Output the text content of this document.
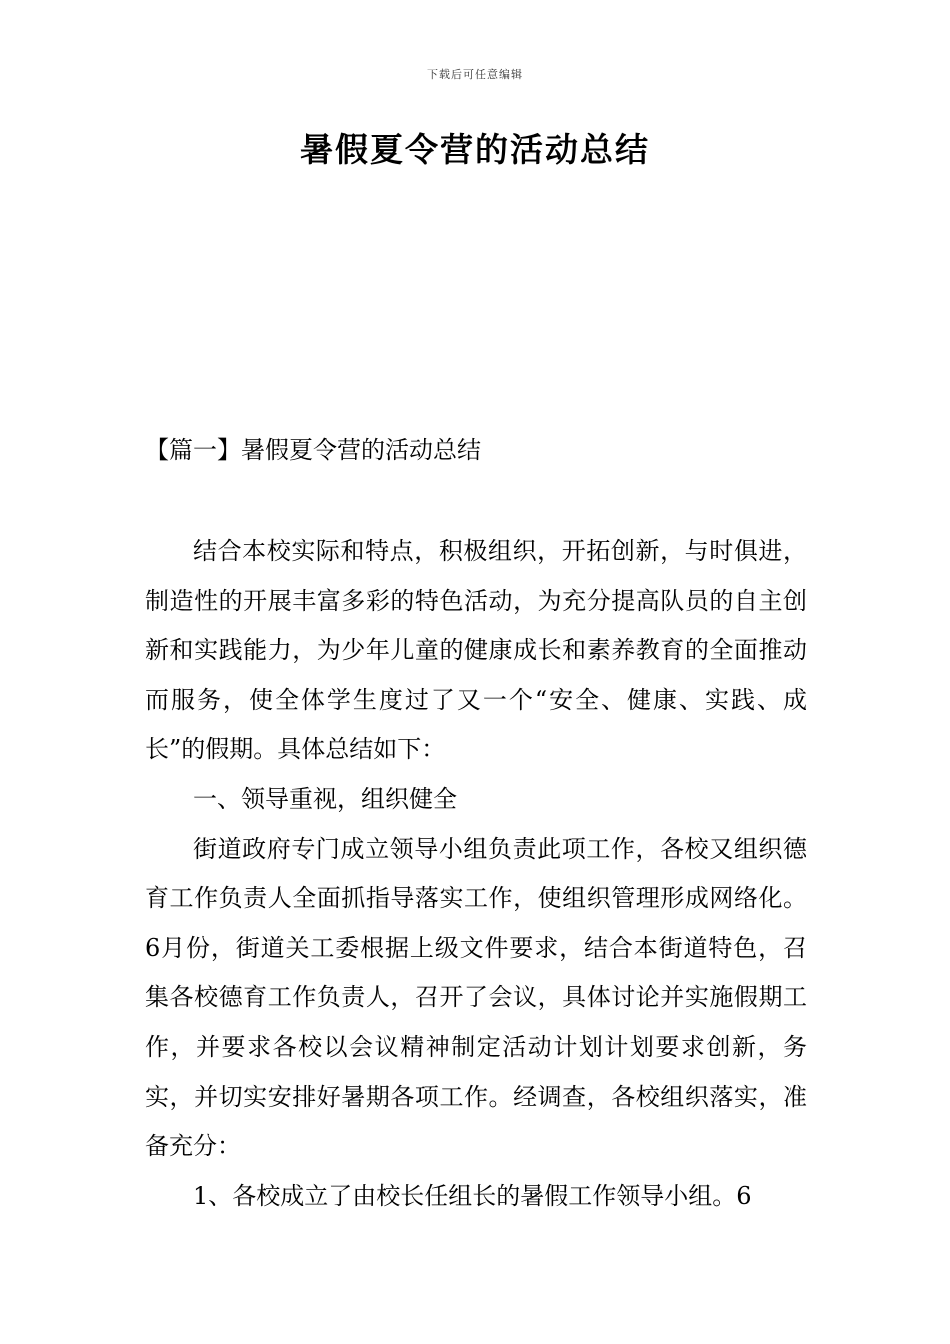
下载后可任意编辑
暑假夏令营的活动总结
【篇一】暑假夏令营的活动总结

结合本校实际和特点，积极组织，开拓创新，与时俱进，制造性的开展丰富多彩的特色活动，为充分提高队员的自主创新和实践能力，为少年儿童的健康成长和素养教育的全面推动而服务，使全体学生度过了又一个“安全、健康、实践、成长”的假期。具体总结如下：

一、领导重视，组织健全

街道政府专门成立领导小组负责此项工作，各校又组织德育工作负责人全面抓指导落实工作，使组织管理形成网络化。6月份，街道关工委根据上级文件要求，结合本街道特色，召集各校德育工作负责人，召开了会议，具体讨论并实施假期工作，并要求各校以会议精神制定活动计划计划要求创新，务实，并切实安排好暑期各项工作。经调查，各校组织落实，准备充分：

1、各校成立了由校长任组长的暑假工作领导小组。6
